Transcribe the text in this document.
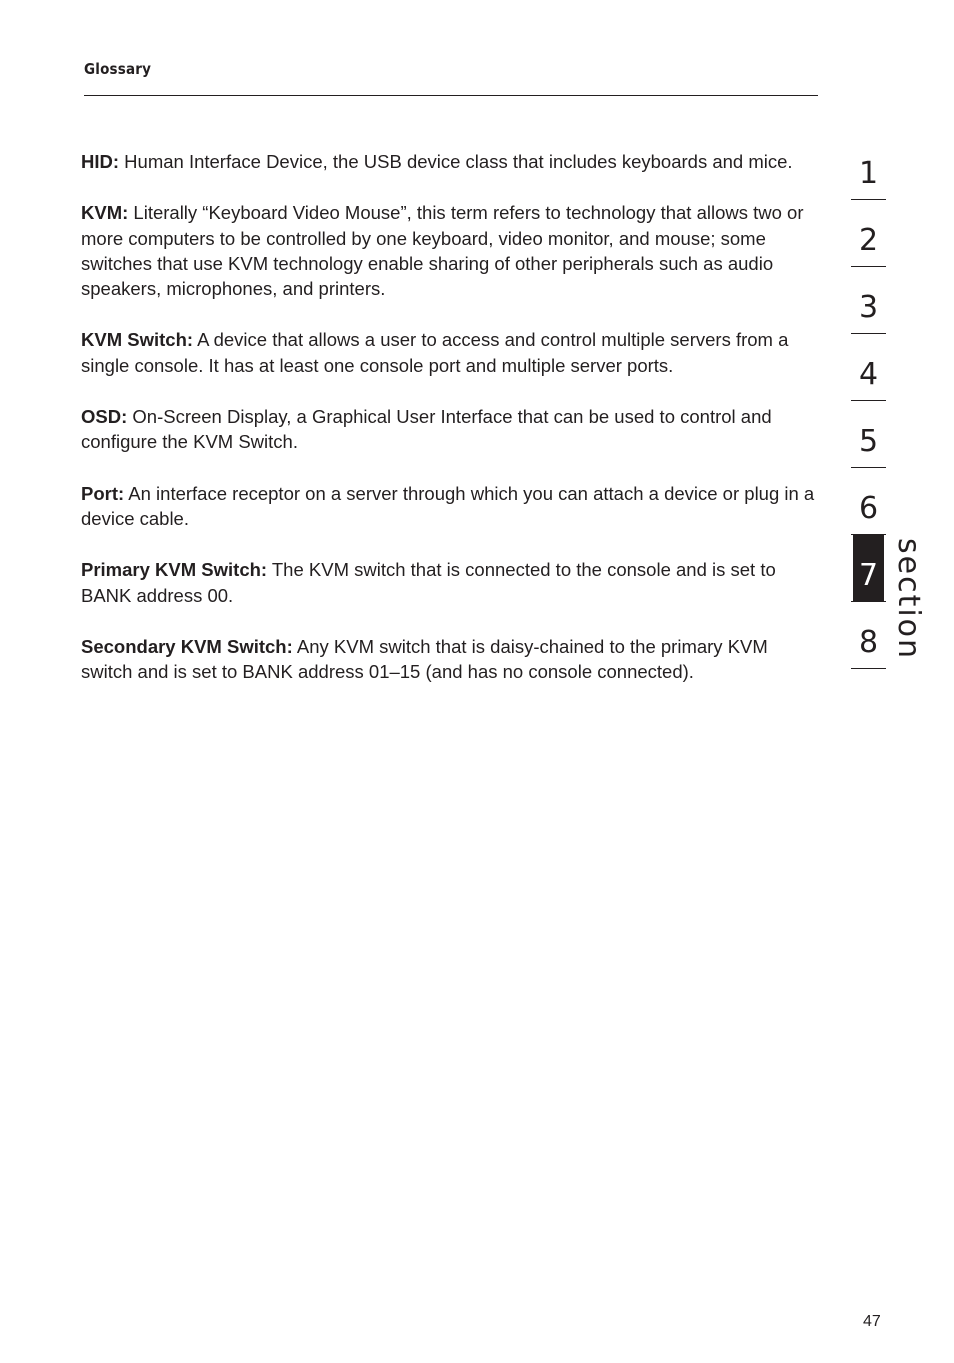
Glossary

HID: Human Interface Device, the USB device class that includes keyboards and mice.

KVM: Literally “Keyboard Video Mouse”, this term refers to technology that allows two or more computers to be controlled by one keyboard, video monitor, and mouse; some switches that use KVM technology enable sharing of other peripherals such as audio speakers, microphones, and printers.

KVM Switch: A device that allows a user to access and control multiple servers from a single console. It has at least one console port and multiple server ports.

OSD: On-Screen Display, a Graphical User Interface that can be used to control and configure the KVM Switch.

Port: An interface receptor on a server through which you can attach a device or plug in a device cable.

Primary KVM Switch: The KVM switch that is connected to the console and is set to BANK address 00.

Secondary KVM Switch: Any KVM switch that is daisy-chained to the primary KVM switch and is set to BANK address 01–15 (and has no console connected).

1
2
3
4
5
6
7
8 section
47
